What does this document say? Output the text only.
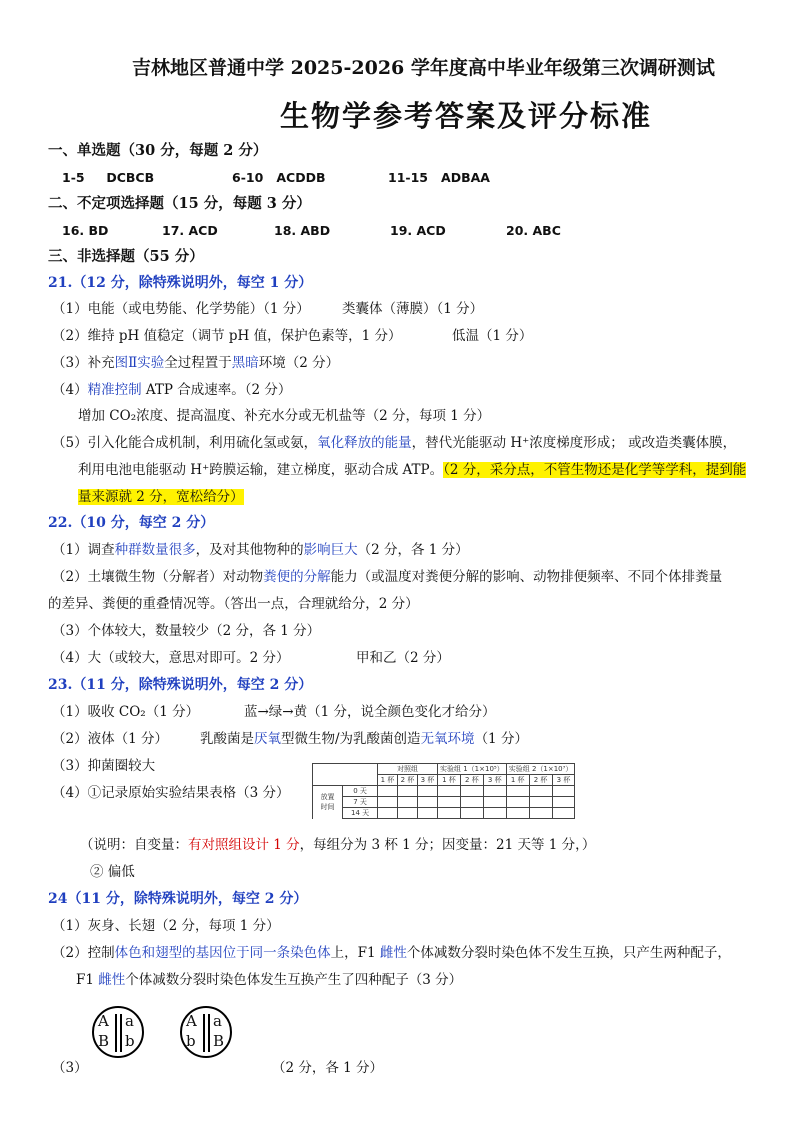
吉林地区普通中学 2025-2026 学年度高中毕业年级第三次调研测试
生物学参考答案及评分标准
一、单选题（30 分，每题 2 分）
1-5 DCBCB	6-10 ACDDB	11-15 ADBAA
二、不定项选择题（15 分，每题 3 分）
16. BD	17. ACD	18. ABD	19. ACD	20. ABC
三、非选择题（55 分）
21.（12 分，除特殊说明外，每空 1 分）
（1）电能（或电势能、化学势能）（1 分） 类囊体（薄膜）（1 分）
（2）维持 pH 值稳定（调节 pH 值，保护色素等，1 分）	低温（1 分）
（3）补充图Ⅱ实验全过程置于黑暗环境（2 分）
（4）精准控制 ATP 合成速率。（2 分）
增加 CO₂浓度、提高温度、补充水分或无机盐等（2 分，每项 1 分）
（5）引入化能合成机制，利用硫化氢或氨，氧化释放的能量，替代光能驱动 H⁺浓度梯度形成； 或改造类囊体膜，
利用电池电能驱动 H⁺跨膜运输，建立梯度，驱动合成 ATP。（2 分，采分点，不管生物还是化学等学科，提到能
量来源就 2 分，宽松给分）
22.（10 分，每空 2 分）
（1）调查种群数量很多，及对其他物种的影响巨大（2 分，各 1 分）
（2）土壤微生物（分解者）对动物粪便的分解能力（或温度对粪便分解的影响、动物排便频率、不同个体排粪量
的差异、粪便的重叠情况等。（答出一点，合理就给分，2 分）
（3）个体较大，数量较少（2 分，各 1 分）
（4）大（或较大，意思对即可。2 分）	甲和乙（2 分）
23.（11 分，除特殊说明外，每空 2 分）
（1）吸收 CO₂（1 分）	蓝→绿→黄（1 分，说全颜色变化才给分）
（2）液体（1 分） 乳酸菌是厌氧型微生物/为乳酸菌创造无氧环境（1 分）
（3）抑菌圈较大
（4）①记录原始实验结果表格（3 分）
		对照组			实验组 1（1×10⁵）			实验组 2（1×10⁷）		
		1 杯	2 杯	3 杯	1 杯	2 杯	3 杯	1 杯	2 杯	3 杯
放置
时间	0 天									
	7 天									
	14 天									
（说明：自变量：有对照组设计 1 分，每组分为 3 杯 1 分；因变量：21 天等 1 分，）
② 偏低
24（11 分，除特殊说明外，每空 2 分）
（1）灰身、长翅（2 分，每项 1 分）
（2）控制体色和翅型的基因位于同一条染色体上，F1 雌性个体减数分裂时染色体不发生互换，只产生两种配子，
F1 雌性个体减数分裂时染色体发生互换产生了四种配子（3 分）
A a
B b
A a
b B
（3）	（2 分，各 1 分）
